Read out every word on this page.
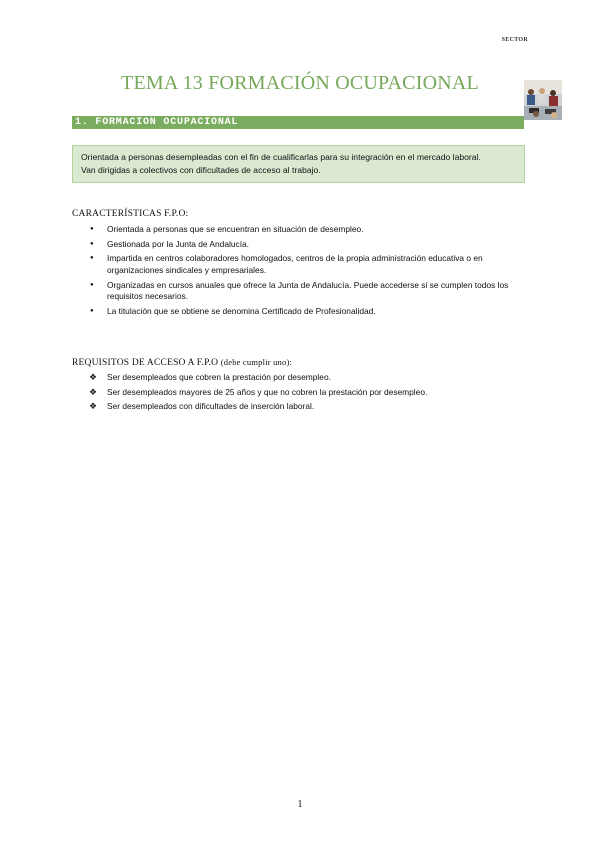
SECTOR
TEMA 13 FORMACIÓN OCUPACIONAL
1. FORMACION OCUPACIONAL
Orientada a personas desempleadas con el fin de cualificarlas para su integración en el mercado laboral.
Van dirigidas a colectivos con dificultades de acceso al trabajo.

CARACTERÍSTICAS F.P.O:

● Orientada a personas que se encuentran en situación de desempleo.
● Gestionada por la Junta de Andalucía.
● Impartida en centros colaboradores homologados, centros de la propia administración educativa o en organizaciones sindicales y empresariales.
● Organizadas en cursos anuales que ofrece la Junta de Andalucía. Puede accederse si se cumplen todos los requisitos necesarios.
● La titulación que se obtiene se denomina Certificado de Profesionalidad.

REQUISITOS DE ACCESO A F.P.O (debe cumplir uno):

❖ Ser desempleados que cobren la prestación por desempleo.
❖ Ser desempleados mayores de 25 años y que no cobren la prestación por desempleo.
❖ Ser desempleados con dificultades de inserción laboral.
1
